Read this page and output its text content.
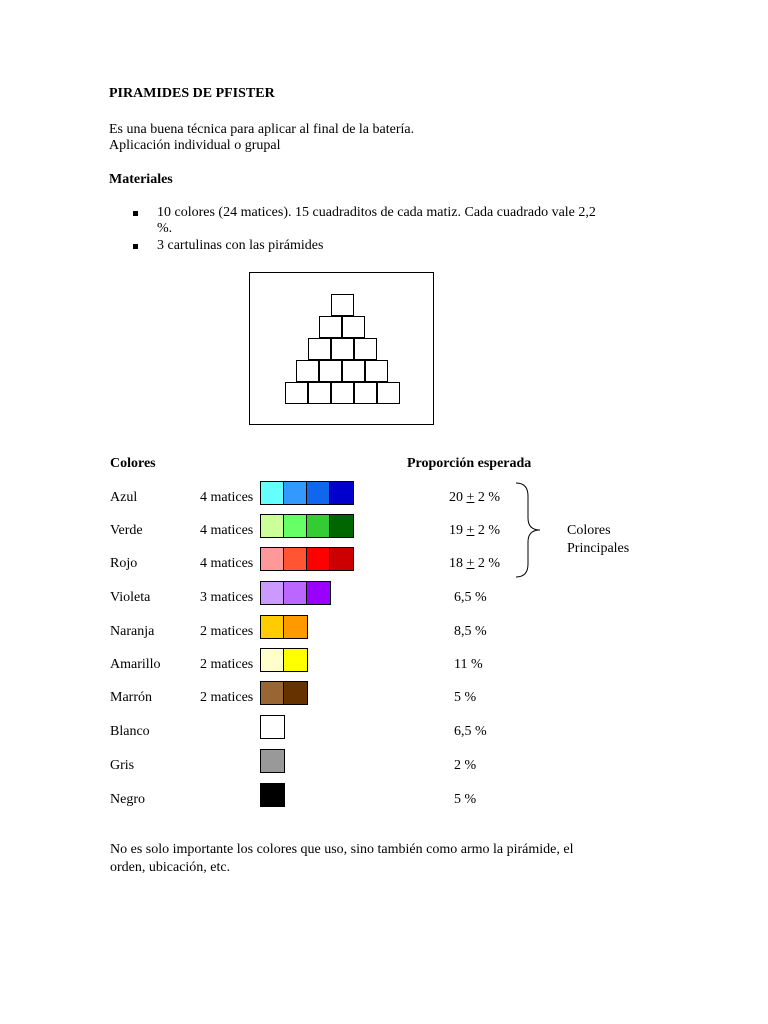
PIRAMIDES DE PFISTER
Es una buena técnica para aplicar al final de la batería.
Aplicación individual o grupal
Materiales
10 colores (24 matices). 15 cuadraditos de cada matiz. Cada cuadrado vale 2,2
%.
3 cartulinas con las pirámides
Colores	Proporción esperada
Azul	4 matices	20 + 2 %
Verde	4 matices	19 + 2 %
Rojo	4 matices	18 + 2 %
Violeta	3 matices	6,5 %
Naranja	2 matices	8,5 %
Amarillo	2 matices	11 %
Marrón	2 matices	5 %
Blanco	6,5 %
Gris	2 %
Negro	5 %
Colores
Principales
No es solo importante los colores que uso, sino también como armo la pirámide, el
orden, ubicación, etc.
